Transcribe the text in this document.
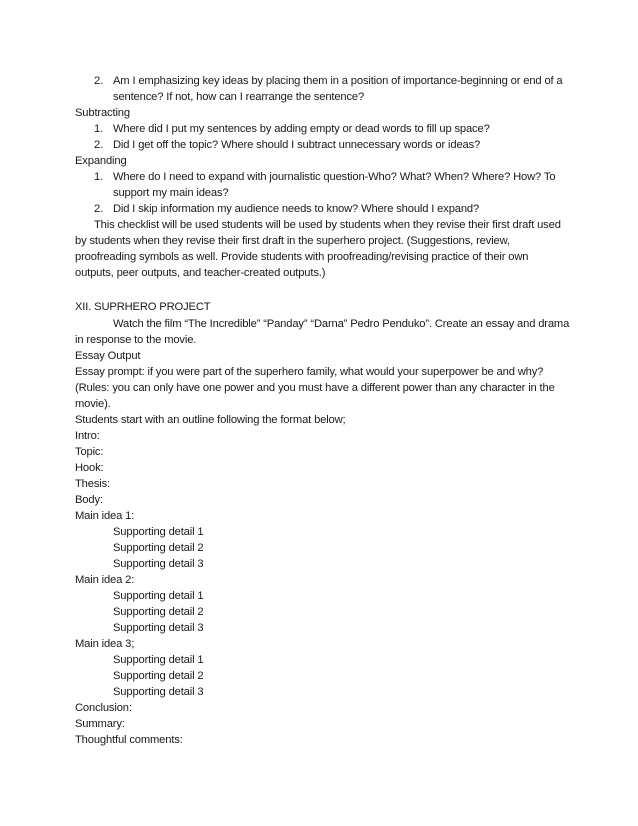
2. Am I emphasizing key ideas by placing them in a position of importance-beginning or end of a
sentence? If not, how can I rearrange the sentence?
Subtracting
1. Where did I put my sentences by adding empty or dead words to fill up space?
2. Did I get off the topic? Where should I subtract unnecessary words or ideas?
Expanding
1. Where do I need to expand with journalistic question-Who? What? When? Where? How? To
support my main ideas?
2. Did I skip information my audience needs to know? Where should I expand?
This checklist will be used students will be used by students when they revise their first draft used
by students when they revise their first draft in the superhero project. (Suggestions, review,
proofreading symbols as well. Provide students with proofreading/revising practice of their own
outputs, peer outputs, and teacher-created outputs.)
XII. SUPRHERO PROJECT
Watch the film “The Incredible” “Panday” “Darna” Pedro Penduko”. Create an essay and drama
in response to the movie.
Essay Output
Essay prompt: if you were part of the superhero family, what would your superpower be and why?
(Rules: you can only have one power and you must have a different power than any character in the
movie).
Students start with an outline following the format below;
Intro:
Topic:
Hook:
Thesis:
Body:
Main idea 1:
Supporting detail 1
Supporting detail 2
Supporting detail 3
Main idea 2:
Supporting detail 1
Supporting detail 2
Supporting detail 3
Main idea 3;
Supporting detail 1
Supporting detail 2
Supporting detail 3
Conclusion:
Summary:
Thoughtful comments:
